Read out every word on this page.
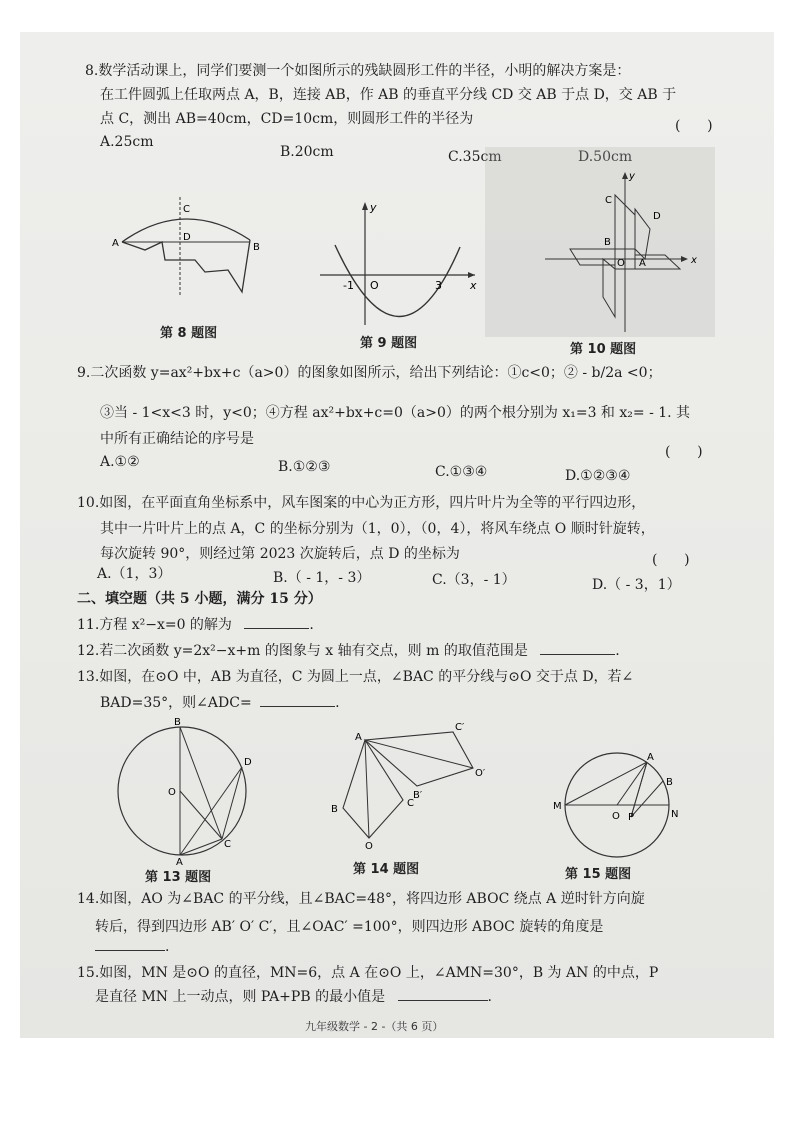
8.数学活动课上，同学们要测一个如图所示的残缺圆形工件的半径，小明的解决方案是：
在工件圆弧上任取两点 A，B，连接 AB，作 AB 的垂直平分线 CD 交 AB 于点 D，交 AB 于
点 C，测出 AB=40cm，CD=10cm，则圆形工件的半径为	(      )
A.25cm
B.20cm	C.35cm	D.50cm
A	B
C
D
第 8 题图
y
x
O
-1	3
第 9 题图
y
x
C
D
B
O A
第 10 题图
9.二次函数 y=ax²+bx+c（a>0）的图象如图所示，给出下列结论：①c<0；② - b/2a <0；
③当 - 1<x<3 时，y<0；④方程 ax²+bx+c=0（a>0）的两个根分别为 x₁=3 和 x₂= - 1. 其
中所有正确结论的序号是
(      )
A.①②	B.①②③	C.①③④	D.①②③④
10.如图，在平面直角坐标系中，风车图案的中心为正方形，四片叶片为全等的平行四边形，
其中一片叶片上的点 A，C 的坐标分别为（1，0），（0，4），将风车绕点 O 顺时针旋转，
每次旋转 90°，则经过第 2023 次旋转后，点 D 的坐标为	(      )
A.（1，3）	B.（ - 1，- 3）	C.（3，- 1）	D.（ - 3，1）
二、填空题（共 5 小题，满分 15 分）
11.方程 x²−x=0 的解为	.
12.若二次函数 y=2x²−x+m 的图象与 x 轴有交点，则 m 的取值范围是	.
13.如图，在⊙O 中，AB 为直径，C 为圆上一点，∠BAC 的平分线与⊙O 交于点 D，若∠
BAD=35°，则∠ADC=	.
B
O
D
C
A
第 13 题图
A
C′
O′
B′
B
C
O
第 14 题图
A
B
M
O P	N
第 15 题图
14.如图，AO 为∠BAC 的平分线，且∠BAC=48°，将四边形 ABOC 绕点 A 逆时针方向旋
转后，得到四边形 AB′ O′ C′，且∠OAC′ =100°，则四边形 ABOC 旋转的角度是
.
15.如图，MN 是⊙O 的直径，MN=6，点 A 在⊙O 上，∠AMN=30°，B 为 AN 的中点，P
是直径 MN 上一动点，则 PA+PB 的最小值是	.
九年级数学 - 2 -（共 6 页）
